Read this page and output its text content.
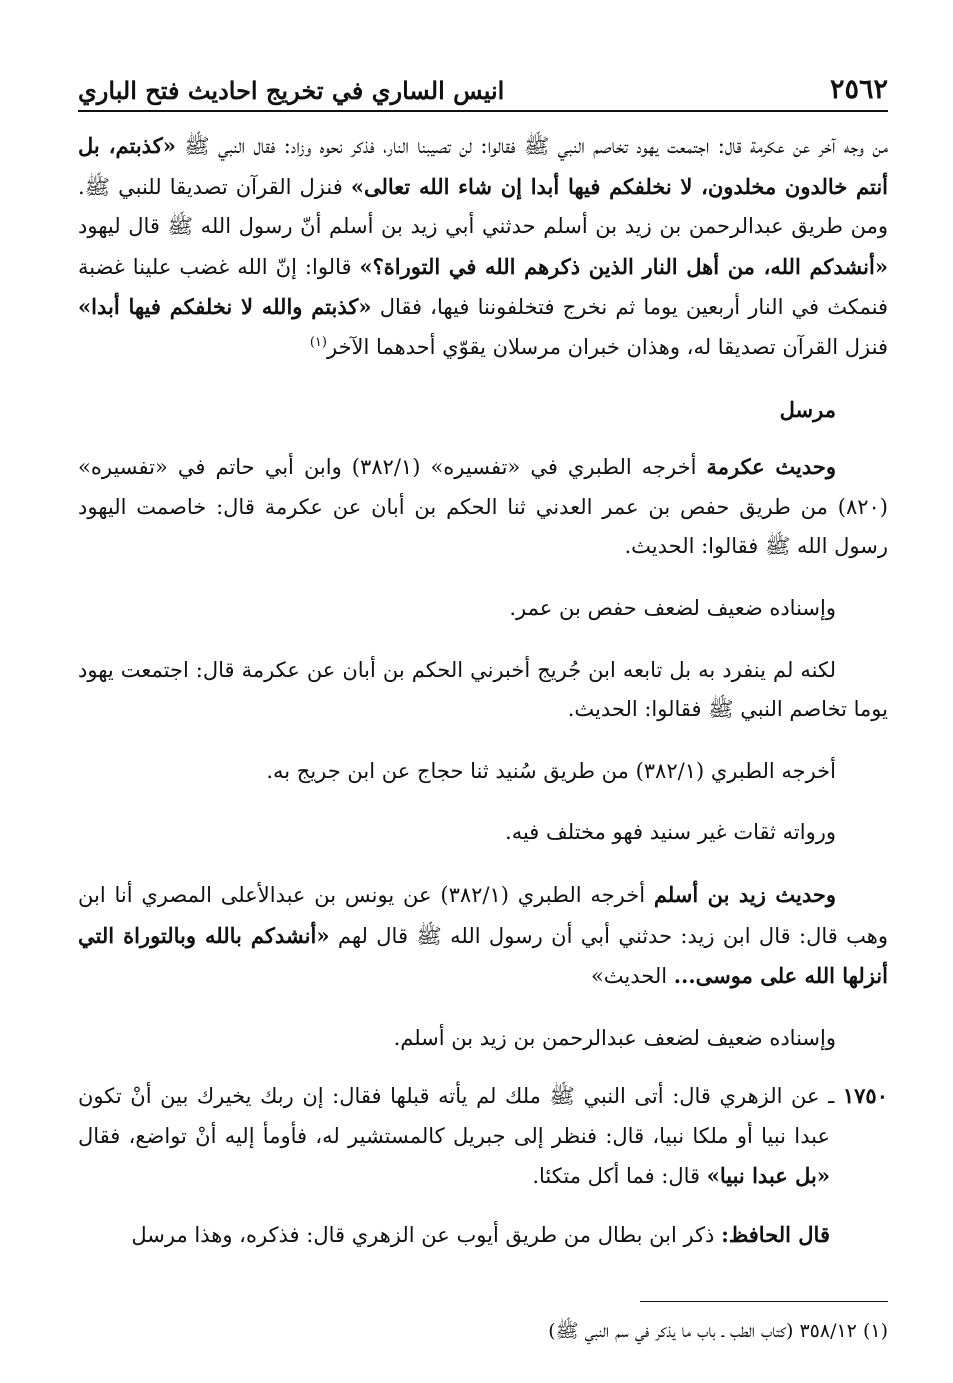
٢٥٦٢
انيس الساري في تخريج احاديث فتح الباري

من وجه آخر عن عكرمة قال: اجتمعت يهود تخاصم النبي ﷺ فقالوا: لن تصيبنا النار، فذكر نحوه وزاد: فقال النبي ﷺ «كذبتم، بل أنتم خالدون مخلدون، لا نخلفكم فيها أبدا إن شاء الله تعالى» فنزل القرآن تصديقا للنبي ﷺ. ومن طريق عبدالرحمن بن زيد بن أسلم حدثني أبي زيد بن أسلم أنّ رسول الله ﷺ قال ليهود «أنشدكم الله، من أهل النار الذين ذكرهم الله في التوراة؟» قالوا: إنّ الله غضب علينا غضبة فنمكث في النار أربعين يوما ثم نخرج فتخلفوننا فيها، فقال «كذبتم والله لا نخلفكم فيها أبدا» فنزل القرآن تصديقا له، وهذان خبران مرسلان يقوّي أحدهما الآخر$^{(١)}$

مرسل

وحديث عكرمة أخرجه الطبري في «تفسيره» (٣٨٢/١) وابن أبي حاتم في «تفسيره» (٨٢٠) من طريق حفص بن عمر العدني ثنا الحكم بن أبان عن عكرمة قال: خاصمت اليهود رسول الله ﷺ فقالوا: الحديث.

وإسناده ضعيف لضعف حفص بن عمر.

لكنه لم ينفرد به بل تابعه ابن جُريج أخبرني الحكم بن أبان عن عكرمة قال: اجتمعت يهود يوما تخاصم النبي ﷺ فقالوا: الحديث.

أخرجه الطبري (٣٨٢/١) من طريق سُنيد ثنا حجاج عن ابن جريج به.

ورواته ثقات غير سنيد فهو مختلف فيه.

وحديث زيد بن أسلم أخرجه الطبري (٣٨٢/١) عن يونس بن عبدالأعلى المصري أنا ابن وهب قال: قال ابن زيد: حدثني أبي أن رسول الله ﷺ قال لهم «أنشدكم بالله وبالتوراة التي أنزلها الله على موسى... الحديث»

وإسناده ضعيف لضعف عبدالرحمن بن زيد بن أسلم.

١٧٥٠ ـ عن الزهري قال: أتى النبي ﷺ ملك لم يأته قبلها فقال: إن ربك يخيرك بين أنْ تكون عبدا نبيا أو ملكا نبيا، قال: فنظر إلى جبريل كالمستشير له، فأومأ إليه أنْ تواضع، فقال «بل عبدا نبيا» قال: فما أكل متكئا.

قال الحافظ: ذكر ابن بطال من طريق أيوب عن الزهري قال: فذكره، وهذا مرسل

(١) ٣٥٨/١٢ (كتاب الطب ـ باب ما يذكر في سم النبي ﷺ)
